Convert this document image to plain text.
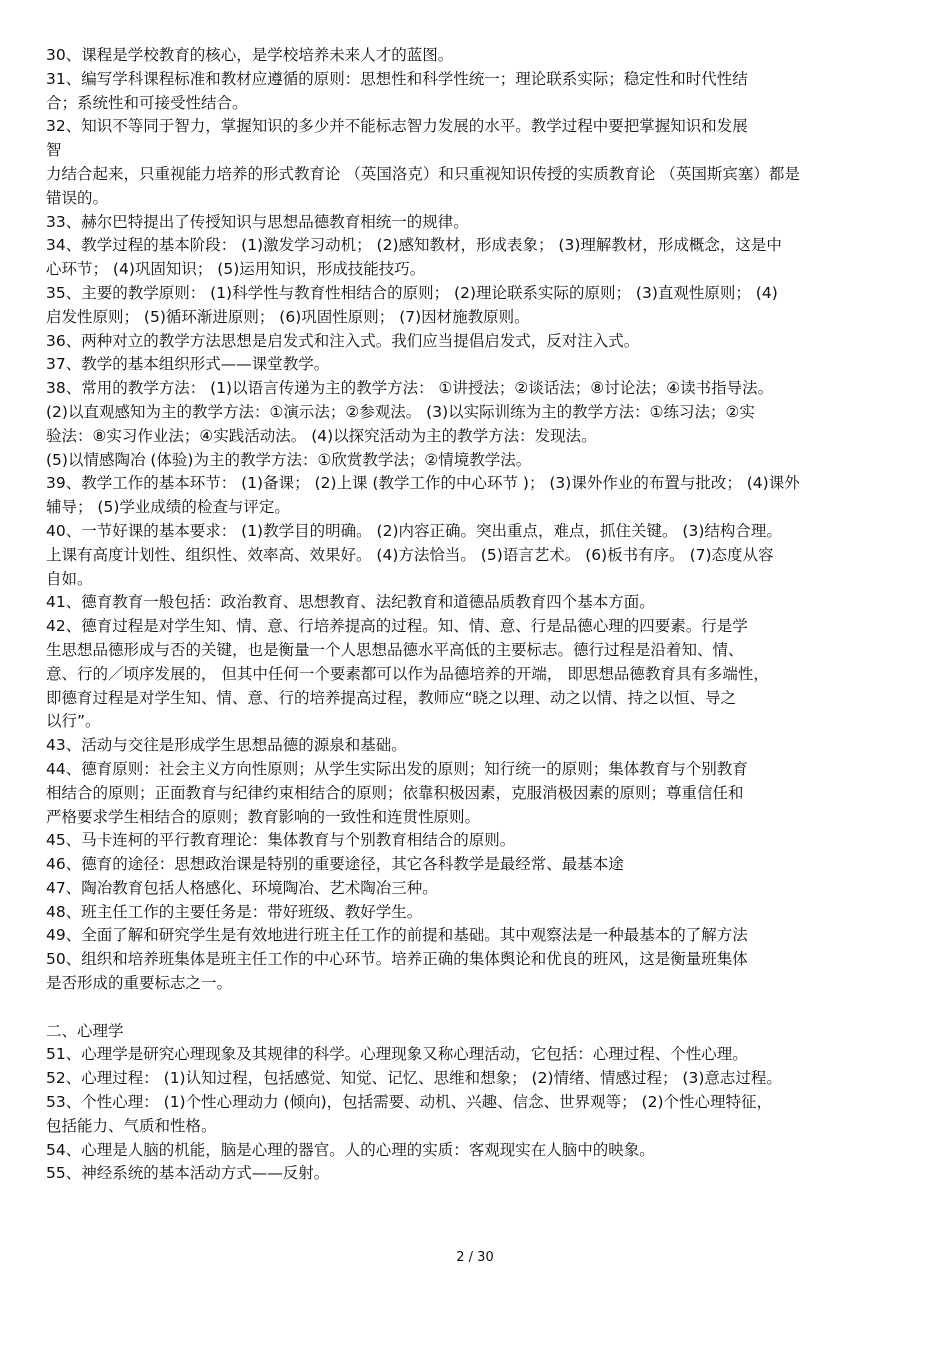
30、课程是学校教育的核心，是学校培养未来人才的蓝图。
31、编写学科课程标准和教材应遵循的原则：思想性和科学性统一；理论联系实际；稳定性和时代性结
合；系统性和可接受性结合。
32、知识不等同于智力，掌握知识的多少并不能标志智力发展的水平。教学过程中要把掌握知识和发展
智
力结合起来，只重视能力培养的形式教育论 （英国洛克）和只重视知识传授的实质教育论 （英国斯宾塞）都是
错误的。
33、赫尔巴特提出了传授知识与思想品德教育相统一的规律。
34、教学过程的基本阶段： (1)激发学习动机； (2)感知教材，形成表象； (3)理解教材，形成概念，这是中
心环节； (4)巩固知识； (5)运用知识，形成技能技巧。
35、主要的教学原则： (1)科学性与教育性相结合的原则； (2)理论联系实际的原则； (3)直观性原则； (4)
启发性原则； (5)循环渐进原则； (6)巩固性原则； (7)因材施教原则。
36、两种对立的教学方法思想是启发式和注入式。我们应当提倡启发式，反对注入式。
37、教学的基本组织形式——课堂教学。
38、常用的教学方法： (1)以语言传递为主的教学方法： ①讲授法；②谈话法；⑧讨论法；④读书指导法。
(2)以直观感知为主的教学方法：①演示法；②参观法。 (3)以实际训练为主的教学方法：①练习法；②实
验法：⑧实习作业法；④实践活动法。 (4)以探究活动为主的教学方法：发现法。
(5)以情感陶冶 (体验)为主的教学方法：①欣赏教学法；②情境教学法。
39、教学工作的基本环节： (1)备课； (2)上课 (教学工作的中心环节 )； (3)课外作业的布置与批改； (4)课外
辅导； (5)学业成绩的检查与评定。
40、一节好课的基本要求： (1)教学目的明确。 (2)内容正确。突出重点，难点，抓住关键。 (3)结构合理。
上课有高度计划性、组织性、效率高、效果好。 (4)方法恰当。 (5)语言艺术。 (6)板书有序。 (7)态度从容
自如。
41、德育教育一般包括：政治教育、思想教育、法纪教育和道德品质教育四个基本方面。
42、德育过程是对学生知、情、意、行培养提高的过程。知、情、意、行是品德心理的四要素。行是学
生思想品德形成与否的关键，也是衡量一个人思想品德水平高低的主要标志。德行过程是沿着知、情、
意、行的／顷序发展的， 但其中任何一个要素都可以作为品德培养的开端， 即思想品德教育具有多端性，
即德育过程是对学生知、情、意、行的培养提高过程，教师应“晓之以理、动之以情、持之以恒、导之
以行”。
43、活动与交往是形成学生思想品德的源泉和基础。
44、德育原则：社会主义方向性原则；从学生实际出发的原则；知行统一的原则；集体教育与个别教育
相结合的原则；正面教育与纪律约束相结合的原则；依靠积极因素，克服消极因素的原则；尊重信任和
严格要求学生相结合的原则；教育影响的一致性和连贯性原则。
45、马卡连柯的平行教育理论：集体教育与个别教育相结合的原则。
46、德育的途径：思想政治课是特别的重要途径，其它各科教学是最经常、最基本途
47、陶冶教育包括人格感化、环境陶冶、艺术陶冶三种。
48、班主任工作的主要任务是：带好班级、教好学生。
49、全面了解和研究学生是有效地进行班主任工作的前提和基础。其中观察法是一种最基本的了解方法
50、组织和培养班集体是班主任工作的中心环节。培养正确的集体舆论和优良的班风，这是衡量班集体
是否形成的重要标志之一。
二、心理学
51、心理学是研究心理现象及其规律的科学。心理现象又称心理活动，它包括：心理过程、个性心理。
52、心理过程： (1)认知过程，包括感觉、知觉、记忆、思维和想象； (2)情绪、情感过程； (3)意志过程。
53、个性心理： (1)个性心理动力 (倾向)，包括需要、动机、兴趣、信念、世界观等； (2)个性心理特征，
包括能力、气质和性格。
54、心理是人脑的机能，脑是心理的器官。人的心理的实质：客观现实在人脑中的映象。
55、神经系统的基本活动方式——反射。
2 / 30
